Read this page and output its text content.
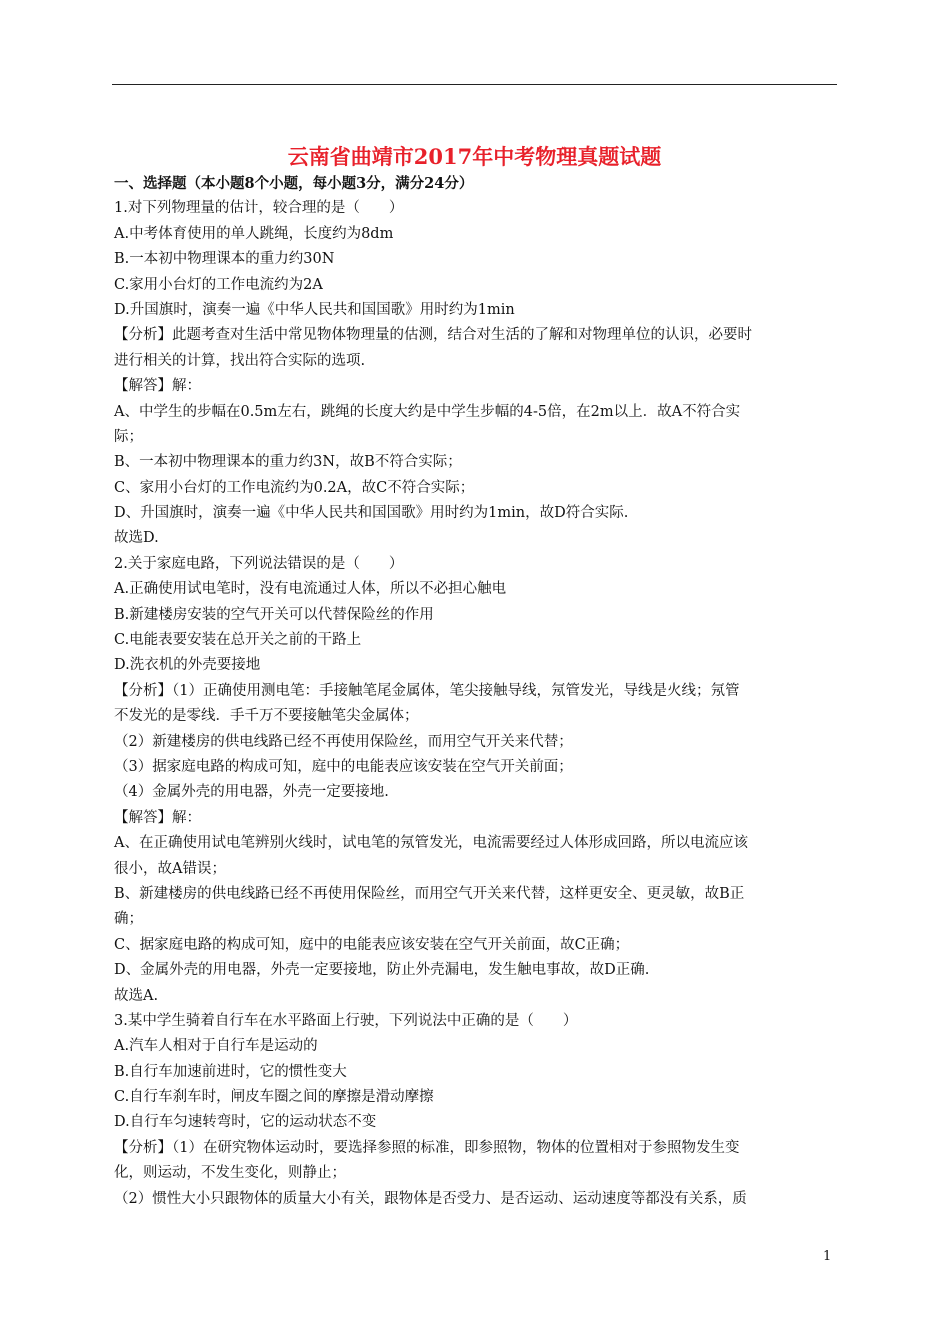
云南省曲靖市2017年中考物理真题试题
一、选择题（本小题8个小题，每小题3分，满分24分）
1.对下列物理量的估计，较合理的是（　　）
A.中考体育使用的单人跳绳，长度约为8dm
B.一本初中物理课本的重力约30N
C.家用小台灯的工作电流约为2A
D.升国旗时，演奏一遍《中华人民共和国国歌》用时约为1min
【分析】此题考查对生活中常见物体物理量的估测，结合对生活的了解和对物理单位的认识，必要时
进行相关的计算，找出符合实际的选项.
【解答】解：
A、中学生的步幅在0.5m左右，跳绳的长度大约是中学生步幅的4-5倍，在2m以上．故A不符合实
际；
B、一本初中物理课本的重力约3N，故B不符合实际；
C、家用小台灯的工作电流约为0.2A，故C不符合实际；
D、升国旗时，演奏一遍《中华人民共和国国歌》用时约为1min，故D符合实际.
故选D.
2.关于家庭电路，下列说法错误的是（　　）
A.正确使用试电笔时，没有电流通过人体，所以不必担心触电
B.新建楼房安装的空气开关可以代替保险丝的作用
C.电能表要安装在总开关之前的干路上
D.洗衣机的外壳要接地
【分析】（1）正确使用测电笔：手接触笔尾金属体，笔尖接触导线，氖管发光，导线是火线；氖管
不发光的是零线．手千万不要接触笔尖金属体；
（2）新建楼房的供电线路已经不再使用保险丝，而用空气开关来代替；
（3）据家庭电路的构成可知，庭中的电能表应该安装在空气开关前面；
（4）金属外壳的用电器，外壳一定要接地.
【解答】解：
A、在正确使用试电笔辨别火线时，试电笔的氖管发光，电流需要经过人体形成回路，所以电流应该
很小，故A错误；
B、新建楼房的供电线路已经不再使用保险丝，而用空气开关来代替，这样更安全、更灵敏，故B正
确；
C、据家庭电路的构成可知，庭中的电能表应该安装在空气开关前面，故C正确；
D、金属外壳的用电器，外壳一定要接地，防止外壳漏电，发生触电事故，故D正确.
故选A.
3.某中学生骑着自行车在水平路面上行驶，下列说法中正确的是（　　）
A.汽车人相对于自行车是运动的
B.自行车加速前进时，它的惯性变大
C.自行车刹车时，闸皮车圈之间的摩擦是滑动摩擦
D.自行车匀速转弯时，它的运动状态不变
【分析】（1）在研究物体运动时，要选择参照的标准，即参照物，物体的位置相对于参照物发生变
化，则运动，不发生变化，则静止；
（2）惯性大小只跟物体的质量大小有关，跟物体是否受力、是否运动、运动速度等都没有关系，质
1
